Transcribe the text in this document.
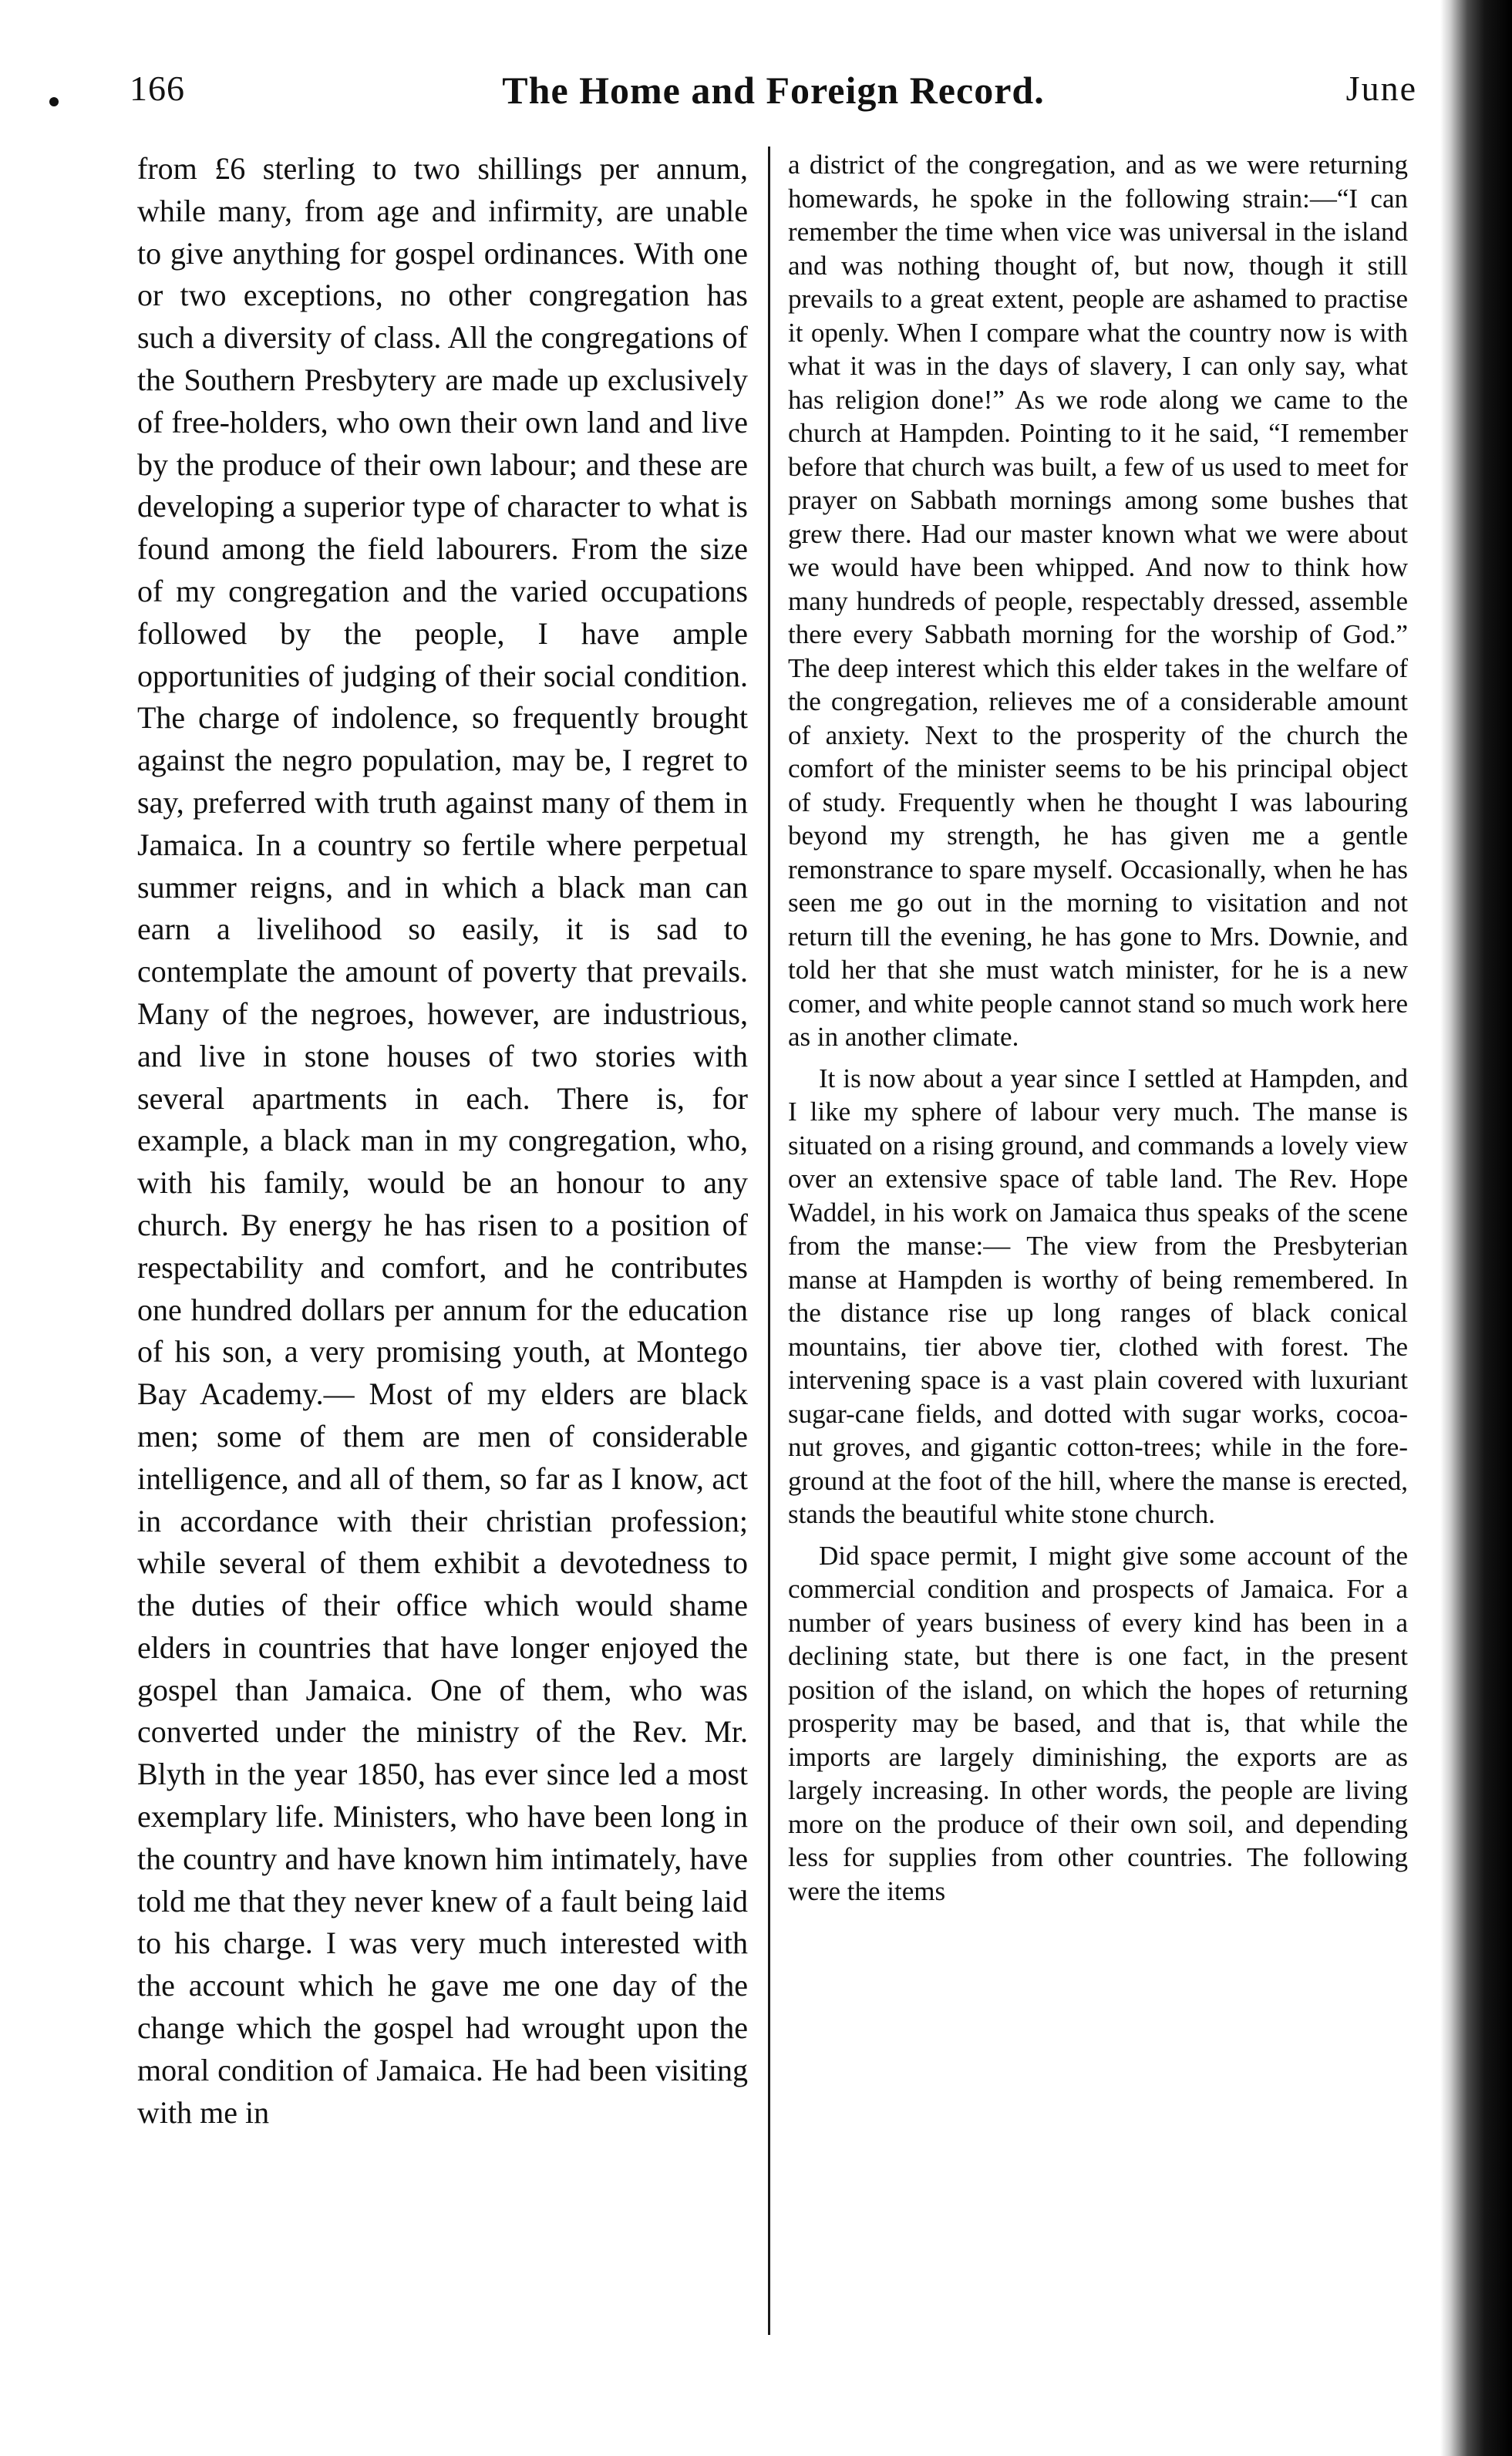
166	The Home and Foreign Record.	June

from £6 sterling to two shillings per annum, while many, from age and infirmity, are unable to give anything for gospel ordinances. With one or two exceptions, no other congregation has such a diversity of class. All the congregations of the Southern Presbytery are made up exclusively of free-holders, who own their own land and live by the produce of their own labour; and these are developing a superior type of character to what is found among the field labourers. From the size of my congregation and the varied occupations followed by the people, I have ample opportunities of judging of their social condition. The charge of indolence, so frequently brought against the negro population, may be, I regret to say, preferred with truth against many of them in Jamaica. In a country so fertile where perpetual summer reigns, and in which a black man can earn a livelihood so easily, it is sad to contemplate the amount of poverty that prevails. Many of the negroes, however, are industrious, and live in stone houses of two stories with several apartments in each. There is, for example, a black man in my congregation, who, with his family, would be an honour to any church. By energy he has risen to a position of respectability and comfort, and he contributes one hundred dollars per annum for the education of his son, a very promising youth, at Montego Bay Academy.— Most of my elders are black men; some of them are men of considerable intelligence, and all of them, so far as I know, act in accordance with their christian profession; while several of them exhibit a devotedness to the duties of their office which would shame elders in countries that have longer enjoyed the gospel than Jamaica. One of them, who was converted under the ministry of the Rev. Mr. Blyth in the year 1850, has ever since led a most exemplary life. Ministers, who have been long in the country and have known him intimately, have told me that they never knew of a fault being laid to his charge. I was very much interested with the account which he gave me one day of the change which the gospel had wrought upon the moral condition of Jamaica. He had been visiting with me in

a district of the congregation, and as we were returning homewards, he spoke in the following strain:—“I can remember the time when vice was universal in the island and was nothing thought of, but now, though it still prevails to a great extent, people are ashamed to practise it openly. When I compare what the country now is with what it was in the days of slavery, I can only say, what has religion done!” As we rode along we came to the church at Hampden. Pointing to it he said, “I remember before that church was built, a few of us used to meet for prayer on Sabbath mornings among some bushes that grew there. Had our master known what we were about we would have been whipped. And now to think how many hundreds of people, respectably dressed, assemble there every Sabbath morning for the worship of God.” The deep interest which this elder takes in the welfare of the congregation, relieves me of a considerable amount of anxiety. Next to the prosperity of the church the comfort of the minister seems to be his principal object of study. Frequently when he thought I was labouring beyond my strength, he has given me a gentle remonstrance to spare myself. Occasionally, when he has seen me go out in the morning to visitation and not return till the evening, he has gone to Mrs. Downie, and told her that she must watch minister, for he is a new comer, and white people cannot stand so much work here as in another climate.

It is now about a year since I settled at Hampden, and I like my sphere of labour very much. The manse is situated on a rising ground, and commands a lovely view over an extensive space of table land. The Rev. Hope Waddel, in his work on Jamaica thus speaks of the scene from the manse:— The view from the Presbyterian manse at Hampden is worthy of being remembered. In the distance rise up long ranges of black conical mountains, tier above tier, clothed with forest. The intervening space is a vast plain covered with luxuriant sugar-cane fields, and dotted with sugar works, cocoa-nut groves, and gigantic cotton-trees; while in the fore-ground at the foot of the hill, where the manse is erected, stands the beautiful white stone church.

Did space permit, I might give some account of the commercial condition and prospects of Jamaica. For a number of years business of every kind has been in a declining state, but there is one fact, in the present position of the island, on which the hopes of returning prosperity may be based, and that is, that while the imports are largely diminishing, the exports are as largely increasing. In other words, the people are living more on the produce of their own soil, and depending less for supplies from other countries. The following were the items
